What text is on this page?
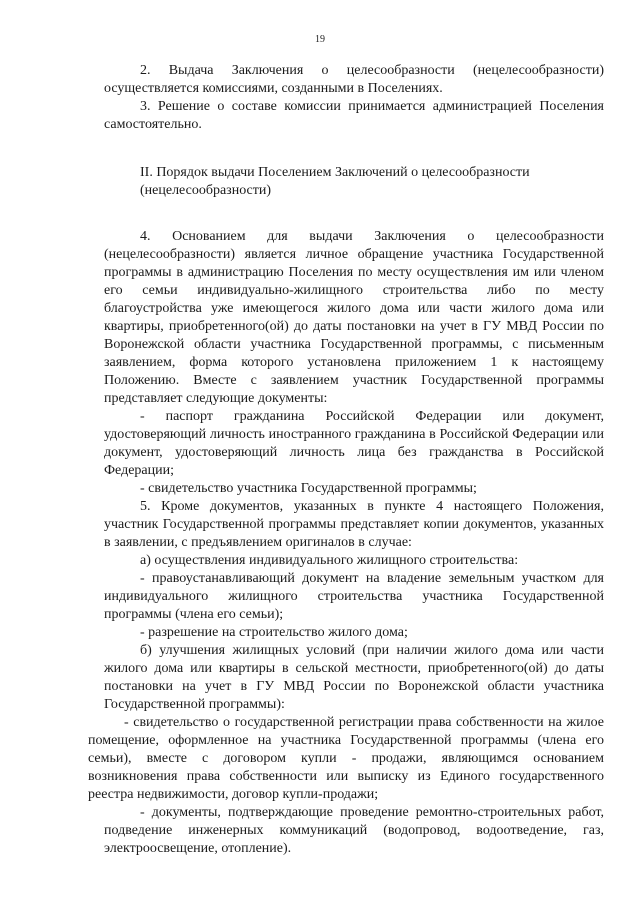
19

2. Выдача Заключения о целесообразности (нецелесообразности) осуществляется комиссиями, созданными в Поселениях.

3. Решение о составе комиссии принимается администрацией Поселения самостоятельно.

II. Порядок выдачи Поселением Заключений о целесообразности

(нецелесообразности)

4. Основанием для выдачи Заключения о целесообразности (нецелесообразности) является личное обращение участника Государственной программы в администрацию Поселения по месту осуществления им или членом его семьи индивидуально-жилищного строительства либо по месту благоустройства уже имеющегося жилого дома или части жилого дома или квартиры, приобретенного(ой) до даты постановки на учет в ГУ МВД России по Воронежской области участника Государственной программы, с письменным заявлением, форма которого установлена приложением 1 к настоящему Положению. Вместе с заявлением участник Государственной программы представляет следующие документы:

- паспорт гражданина Российской Федерации или документ, удостоверяющий личность иностранного гражданина в Российской Федерации или документ, удостоверяющий личность лица без гражданства в Российской Федерации;

- свидетельство участника Государственной программы;

5. Кроме документов, указанных в пункте 4 настоящего Положения, участник Государственной программы представляет копии документов, указанных в заявлении, с предъявлением оригиналов в случае:

а) осуществления индивидуального жилищного строительства:

- правоустанавливающий документ на владение земельным участком для индивидуального жилищного строительства участника Государственной программы (члена его семьи);

- разрешение на строительство жилого дома;

б) улучшения жилищных условий (при наличии жилого дома или части жилого дома или квартиры в сельской местности, приобретенного(ой) до даты постановки на учет в ГУ МВД России по Воронежской области участника Государственной программы):

- свидетельство о государственной регистрации права собственности на жилое помещение, оформленное на участника Государственной программы (члена его семьи), вместе с договором купли - продажи, являющимся основанием возникновения права собственности или выписку из Единого государственного реестра недвижимости, договор купли-продажи;

- документы, подтверждающие проведение ремонтно-строительных работ, подведение инженерных коммуникаций (водопровод, водоотведение, газ, электроосвещение, отопление).
